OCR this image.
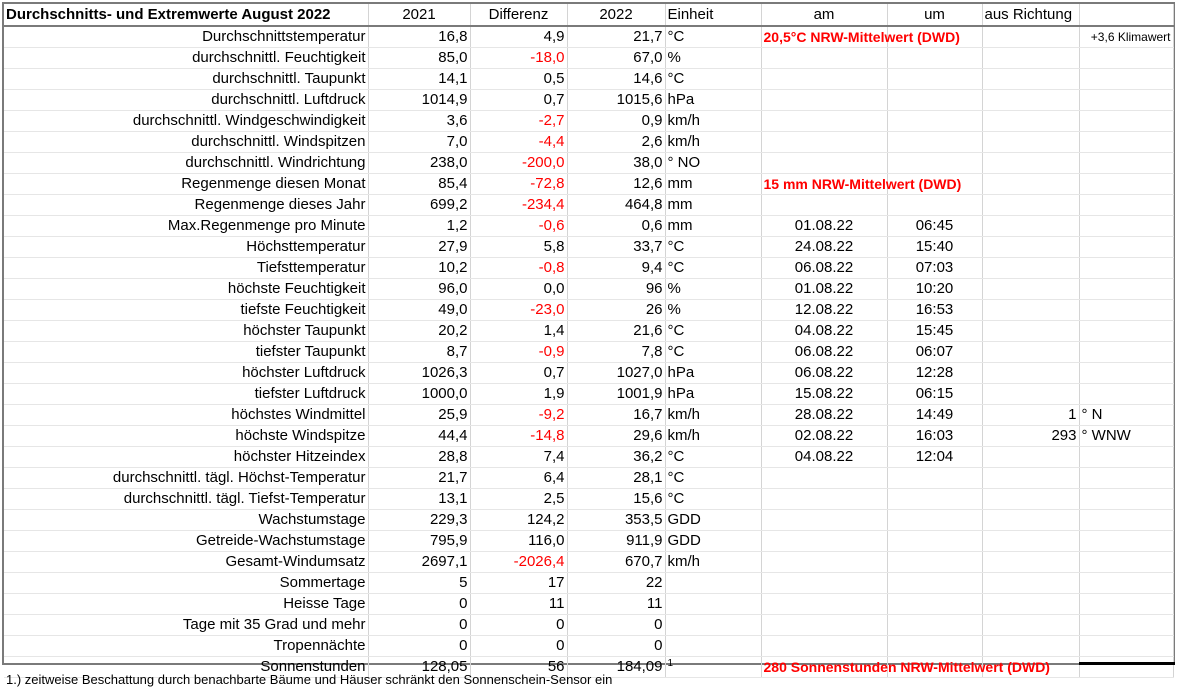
Durchschnitts- und Extremwerte August 2022	2021	Differenz	2022	Einheit	am	um	aus Richtung	
Durchschnittstemperatur	16,8	4,9	21,7	°C	20,5°C NRW-Mittelwert (DWD)			+3,6 Klimawert
durchschnittl. Feuchtigkeit	85,0	-18,0	67,0	%				
durchschnittl. Taupunkt	14,1	0,5	14,6	°C				
durchschnittl. Luftdruck	1014,9	0,7	1015,6	hPa				
durchschnittl. Windgeschwindigkeit	3,6	-2,7	0,9	km/h				
durchschnittl. Windspitzen	7,0	-4,4	2,6	km/h				
durchschnittl. Windrichtung	238,0	-200,0	38,0	° NO				
Regenmenge diesen Monat	85,4	-72,8	12,6	mm	15 mm NRW-Mittelwert (DWD)			
Regenmenge dieses Jahr	699,2	-234,4	464,8	mm				
Max.Regenmenge pro Minute	1,2	-0,6	0,6	mm	01.08.22	06:45		
Höchsttemperatur	27,9	5,8	33,7	°C	24.08.22	15:40		
Tiefsttemperatur	10,2	-0,8	9,4	°C	06.08.22	07:03		
höchste Feuchtigkeit	96,0	0,0	96	%	01.08.22	10:20		
tiefste Feuchtigkeit	49,0	-23,0	26	%	12.08.22	16:53		
höchster Taupunkt	20,2	1,4	21,6	°C	04.08.22	15:45		
tiefster Taupunkt	8,7	-0,9	7,8	°C	06.08.22	06:07		
höchster Luftdruck	1026,3	0,7	1027,0	hPa	06.08.22	12:28		
tiefster Luftdruck	1000,0	1,9	1001,9	hPa	15.08.22	06:15		
höchstes Windmittel	25,9	-9,2	16,7	km/h	28.08.22	14:49	1	° N
höchste Windspitze	44,4	-14,8	29,6	km/h	02.08.22	16:03	293	° WNW
höchster Hitzeindex	28,8	7,4	36,2	°C	04.08.22	12:04		
durchschnittl. tägl. Höchst-Temperatur	21,7	6,4	28,1	°C				
durchschnittl. tägl. Tiefst-Temperatur	13,1	2,5	15,6	°C				
Wachstumstage	229,3	124,2	353,5	GDD				
Getreide-Wachstumstage	795,9	116,0	911,9	GDD				
Gesamt-Windumsatz	2697,1	-2026,4	670,7	km/h				
Sommertage	5	17	22					
Heisse Tage	0	11	11					
Tage mit 35 Grad und mehr	0	0	0					
Tropennächte	0	0	0					
Sonnenstunden	128,05	56	184,09	1	280 Sonnenstunden NRW-Mittelwert (DWD)			
1.) zeitweise Beschattung durch benachbarte Bäume und Häuser schränkt den Sonnenschein-Sensor ein
